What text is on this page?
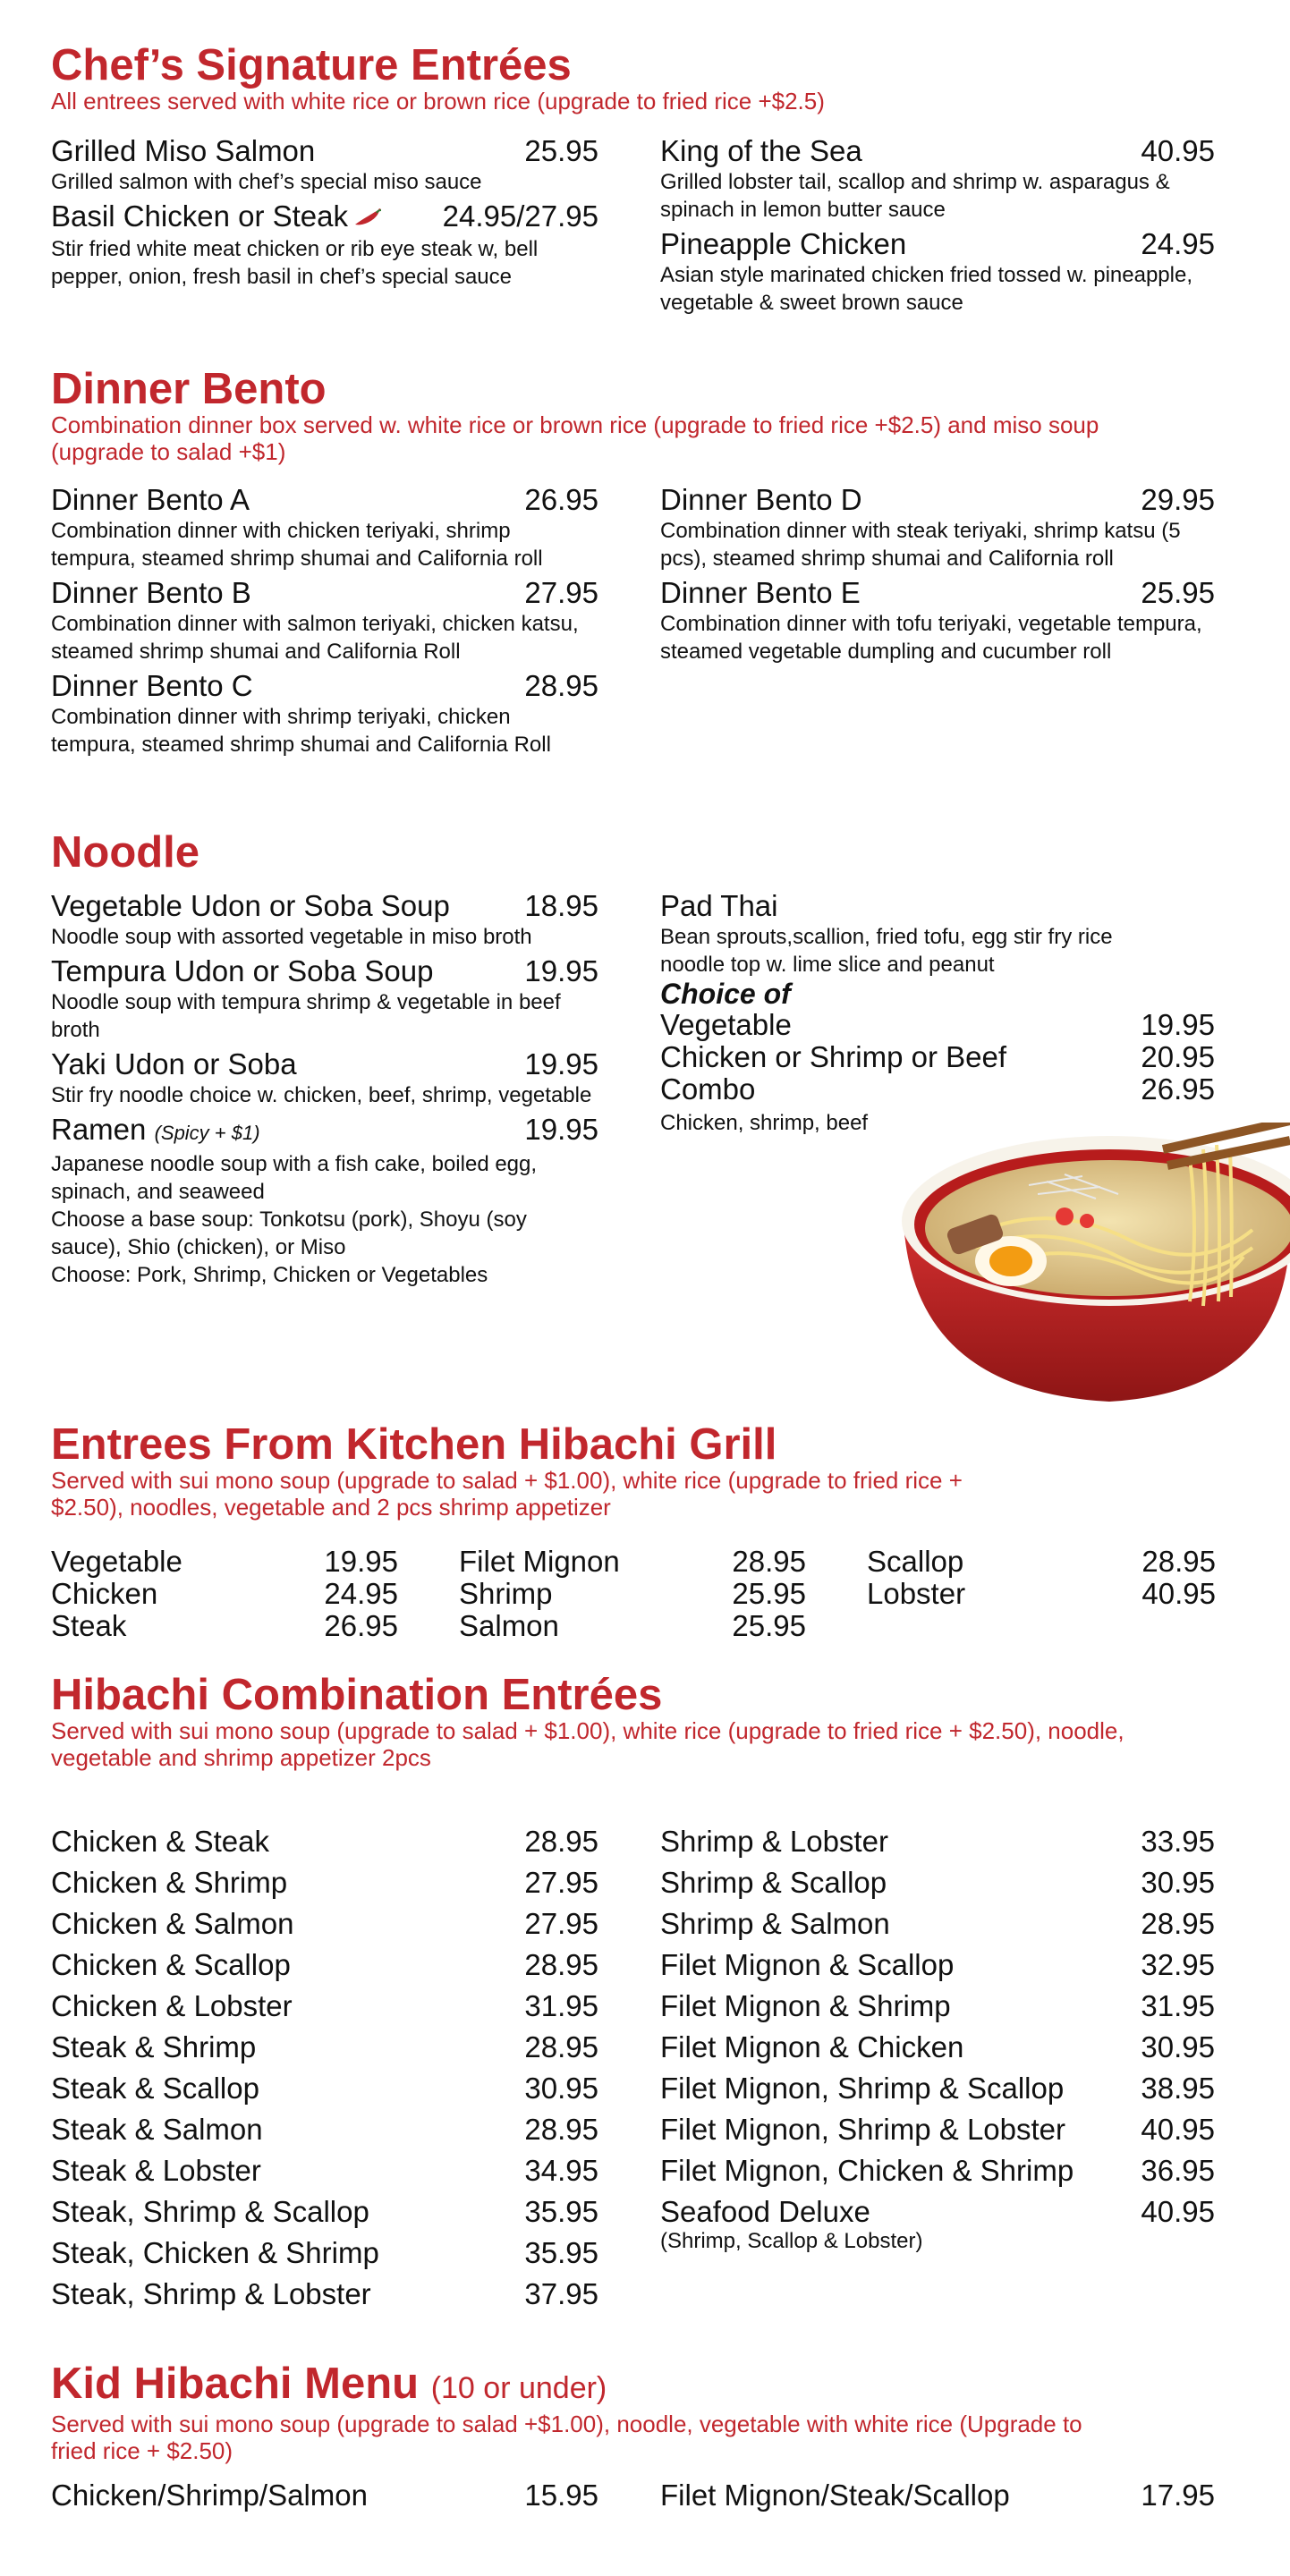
Chef’s Signature Entrées

All entrees served with white rice or brown rice (upgrade to fried rice +$2.5)

Grilled Miso Salmon	25.95
Grilled salmon with chef’s special miso sauce
Basil Chicken or Steak	24.95/27.95
Stir fried white meat chicken or rib eye steak w, bell pepper, onion, fresh basil in chef’s special sauce
King of the Sea	40.95
Grilled lobster tail, scallop and shrimp w. asparagus & spinach in lemon butter sauce
Pineapple Chicken	24.95
Asian style marinated chicken fried tossed w. pineapple, vegetable & sweet brown sauce
Dinner Bento

Combination dinner box served w. white rice or brown rice (upgrade to fried rice +$2.5) and miso soup (upgrade to salad +$1)

Dinner Bento A	26.95
Combination dinner with chicken teriyaki, shrimp tempura, steamed shrimp shumai and California roll
Dinner Bento B	27.95
Combination dinner with salmon teriyaki, chicken katsu, steamed shrimp shumai and California Roll
Dinner Bento C	28.95
Combination dinner with shrimp teriyaki, chicken tempura, steamed shrimp shumai and California Roll
Dinner Bento D	29.95
Combination dinner with steak teriyaki, shrimp katsu (5 pcs), steamed shrimp shumai and California roll
Dinner Bento E	25.95
Combination dinner with tofu teriyaki, vegetable tempura, steamed vegetable dumpling and cucumber roll
Noodle
Vegetable Udon or Soba Soup	18.95
Noodle soup with assorted vegetable in miso broth
Tempura Udon or Soba Soup	19.95
Noodle soup with tempura shrimp & vegetable in beef broth
Yaki Udon or Soba	19.95
Stir fry noodle choice w. chicken, beef, shrimp, vegetable
Ramen (Spicy + $1)	19.95
Japanese noodle soup with a fish cake, boiled egg, spinach, and seaweed
Choose a base soup: Tonkotsu (pork), Shoyu (soy sauce), Shio (chicken), or Miso
Choose: Pork, Shrimp, Chicken or Vegetables
Pad Thai
Bean sprouts,scallion, fried tofu, egg stir fry rice noodle top w. lime slice and peanut
Choice of
Vegetable	19.95
Chicken or Shrimp or Beef	20.95
Combo	26.95
Chicken, shrimp, beef
Entrees From Kitchen Hibachi Grill

Served with sui mono soup (upgrade to salad + $1.00), white rice (upgrade to fried rice + $2.50), noodles, vegetable and 2 pcs shrimp appetizer

Vegetable	19.95
Chicken	24.95
Steak	26.95
Filet Mignon	28.95
Shrimp	25.95
Salmon	25.95
Scallop	28.95
Lobster	40.95
Hibachi Combination Entrées

Served with sui mono soup (upgrade to salad + $1.00), white rice (upgrade to fried rice + $2.50), noodle, vegetable and shrimp appetizer 2pcs

Chicken & Steak	28.95
Chicken & Shrimp	27.95
Chicken & Salmon	27.95
Chicken & Scallop	28.95
Chicken & Lobster	31.95
Steak & Shrimp	28.95
Steak & Scallop	30.95
Steak & Salmon	28.95
Steak & Lobster	34.95
Steak, Shrimp & Scallop	35.95
Steak, Chicken & Shrimp	35.95
Steak, Shrimp & Lobster	37.95
Shrimp & Lobster	33.95
Shrimp & Scallop	30.95
Shrimp & Salmon	28.95
Filet Mignon & Scallop	32.95
Filet Mignon & Shrimp	31.95
Filet Mignon & Chicken	30.95
Filet Mignon, Shrimp & Scallop	38.95
Filet Mignon, Shrimp & Lobster	40.95
Filet Mignon, Chicken & Shrimp 36.95
Seafood Deluxe	40.95
(Shrimp, Scallop & Lobster)
Kid Hibachi Menu (10 or under)

Served with sui mono soup (upgrade to salad +$1.00), noodle, vegetable with white rice (Upgrade to fried rice + $2.50)

Chicken/Shrimp/Salmon	15.95 Filet Mignon/Steak/Scallop	17.95
